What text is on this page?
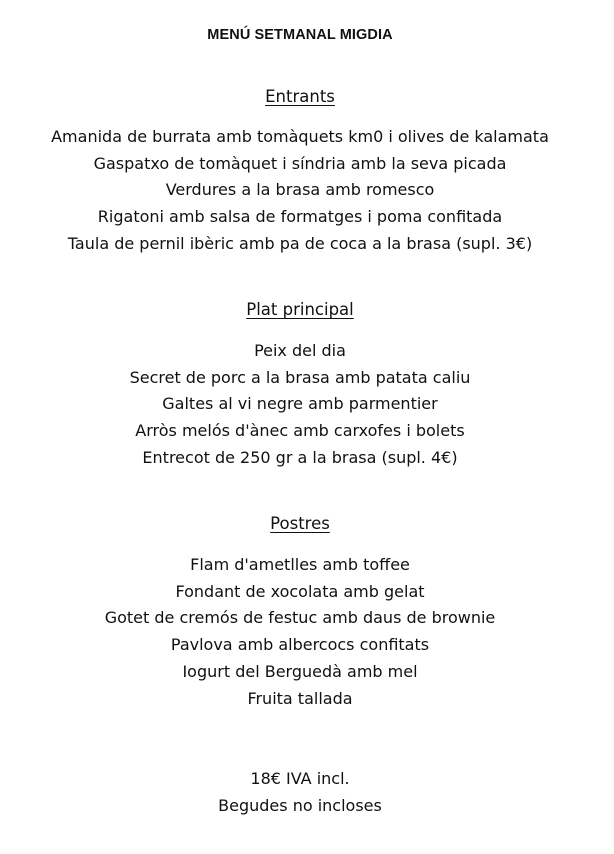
MENÚ SETMANAL MIGDIA
Entrants
Amanida de burrata amb tomàquets km0 i olives de kalamata
Gaspatxo de tomàquet i síndria amb la seva picada
Verdures a la brasa amb romesco
Rigatoni amb salsa de formatges i poma confitada
Taula de pernil ibèric amb pa de coca a la brasa (supl. 3€)
Plat principal
Peix del dia
Secret de porc a la brasa amb patata caliu
Galtes al vi negre amb parmentier
Arròs melós d'ànec amb carxofes i bolets
Entrecot de 250 gr a la brasa (supl. 4€)
Postres
Flam d'ametlles amb toffee
Fondant de xocolata amb gelat
Gotet de cremós de festuc amb daus de brownie
Pavlova amb albercocs confitats
Iogurt del Berguedà amb mel
Fruita tallada
18€ IVA incl.
Begudes no incloses
